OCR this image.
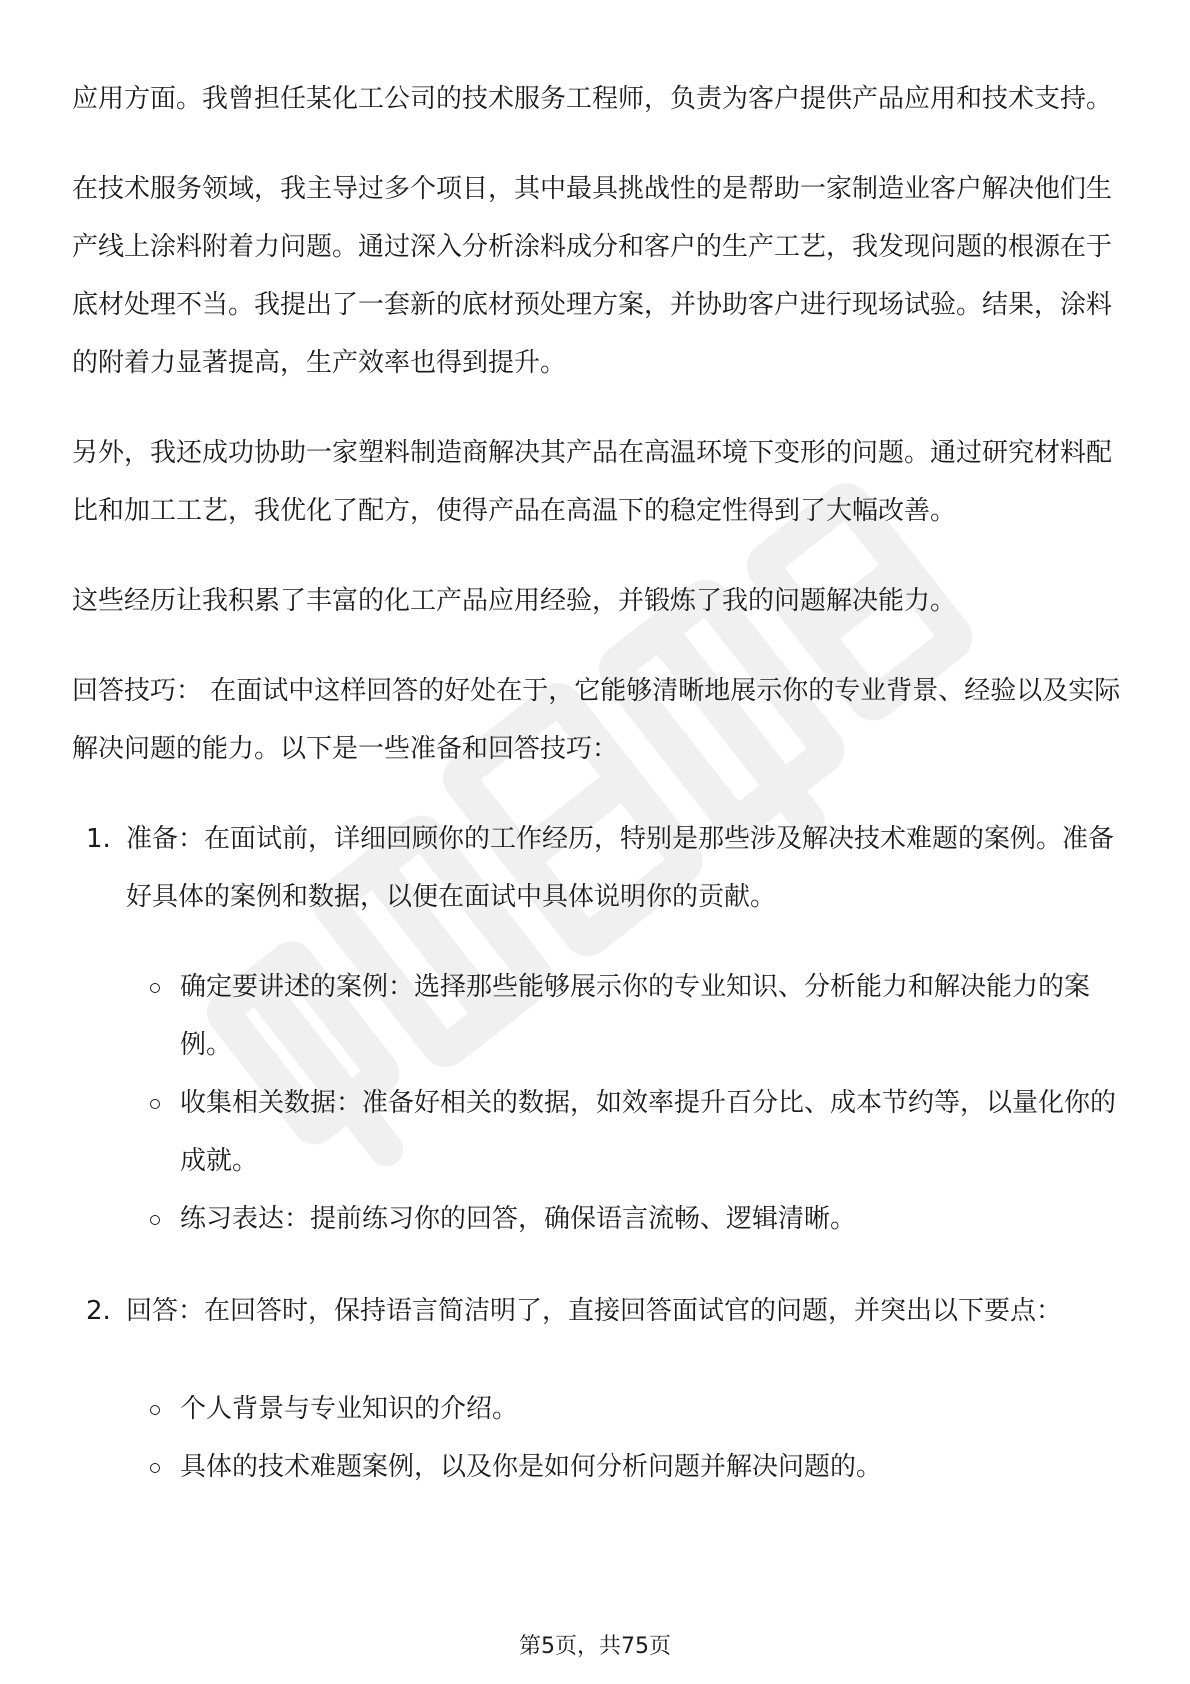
应用方面。我曾担任某化工公司的技术服务工程师，负责为客户提供产品应用和技术支持。

在技术服务领域，我主导过多个项目，其中最具挑战性的是帮助一家制造业客户解决他们生产线上涂料附着力问题。通过深入分析涂料成分和客户的生产工艺，我发现问题的根源在于底材处理不当。我提出了一套新的底材预处理方案，并协助客户进行现场试验。结果，涂料的附着力显著提高，生产效率也得到提升。

另外，我还成功协助一家塑料制造商解决其产品在高温环境下变形的问题。通过研究材料配比和加工工艺，我优化了配方，使得产品在高温下的稳定性得到了大幅改善。

这些经历让我积累了丰富的化工产品应用经验，并锻炼了我的问题解决能力。

回答技巧： 在面试中这样回答的好处在于，它能够清晰地展示你的专业背景、经验以及实际解决问题的能力。以下是一些准备和回答技巧：

1. 准备：在面试前，详细回顾你的工作经历，特别是那些涉及解决技术难题的案例。准备好具体的案例和数据，以便在面试中具体说明你的贡献。
确定要讲述的案例：选择那些能够展示你的专业知识、分析能力和解决能力的案例。
收集相关数据：准备好相关的数据，如效率提升百分比、成本节约等，以量化你的成就。
练习表达：提前练习你的回答，确保语言流畅、逻辑清晰。
2. 回答：在回答时，保持语言简洁明了，直接回答面试官的问题，并突出以下要点：
个人背景与专业知识的介绍。
具体的技术难题案例，以及你是如何分析问题并解决问题的。
第5页，共75页
